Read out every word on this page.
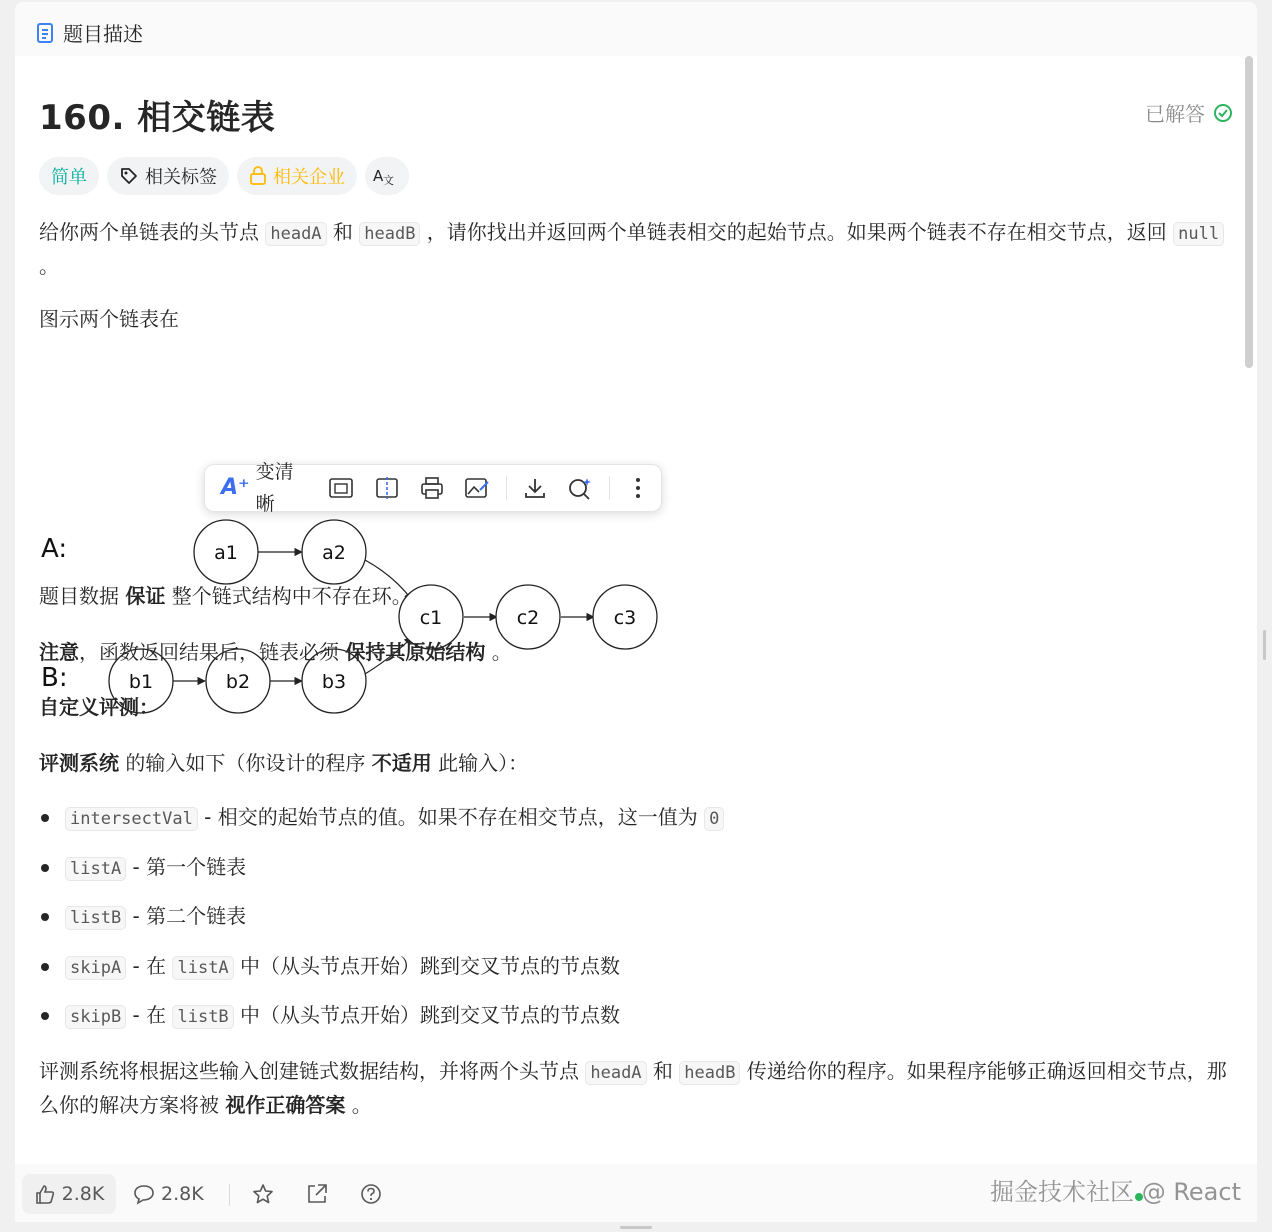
题目描述
160. 相交链表	已解答
简单	相关标签	相关企业 A 文

给你两个单链表的头节点 headA 和 headB ，请你找出并返回两个单链表相交的起始节点。如果两个链表不存在相交节点，返回 null 。

图示两个链表在

A:
B:
a1	a2
c1	c2	c3
b1	b2	b3
A⁺
变清晰

题目数据 保证 整个链式结构中不存在环。

注意，函数返回结果后，链表必须 保持其原始结构 。

自定义评测：

评测系统 的输入如下（你设计的程序 不适用 此输入）：

intersectVal - 相交的起始节点的值。如果不存在相交节点，这一值为 0
listA - 第一个链表
listB - 第二个链表
skipA - 在 listA 中（从头节点开始）跳到交叉节点的节点数
skipB - 在 listB 中（从头节点开始）跳到交叉节点的节点数

评测系统将根据这些输入创建链式数据结构，并将两个头节点 headA 和 headB 传递给你的程序。如果程序能够正确返回相交节点，那么你的解决方案将被 视作正确答案 。

2.8K	2.8K	掘金技术社区 @ React
